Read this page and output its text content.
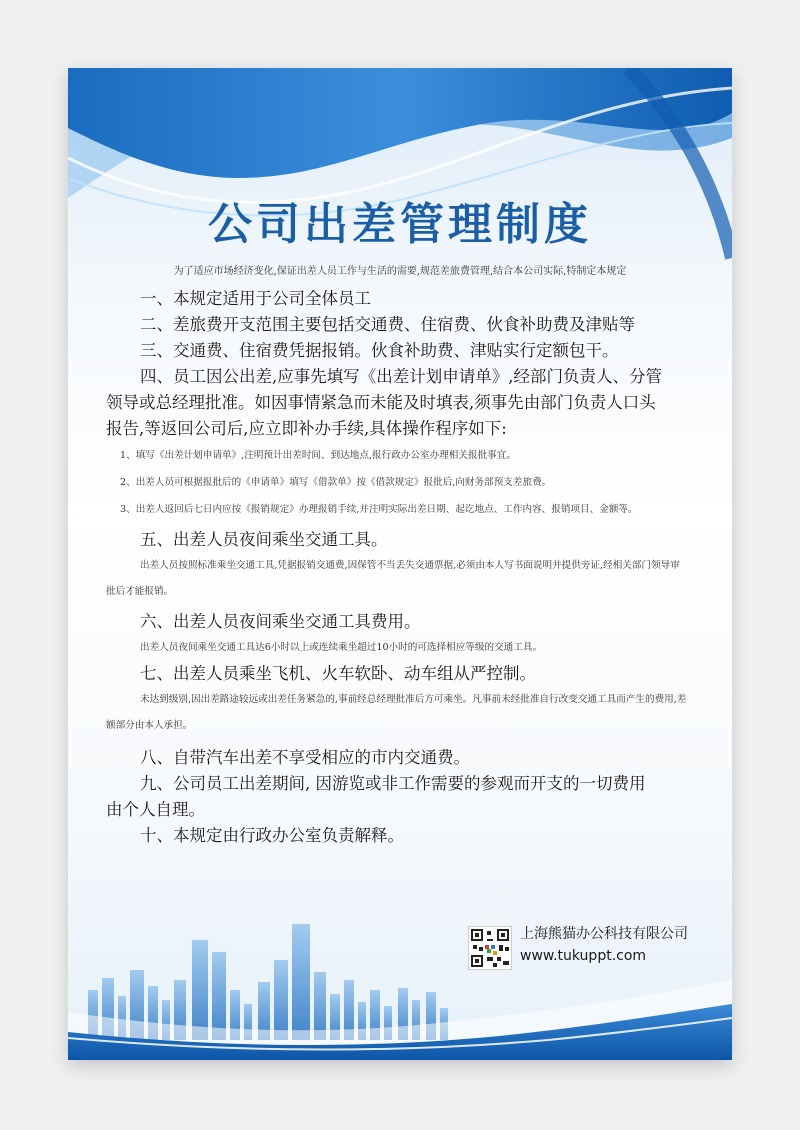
公司出差管理制度
为了适应市场经济变化,保证出差人员工作与生活的需要,规范差旅费管理,结合本公司实际,特制定本规定

一、本规定适用于公司全体员工

二、差旅费开支范围主要包括交通费、住宿费、伙食补助费及津贴等

三、交通费、住宿费凭据报销。伙食补助费、津贴实行定额包干。

四、员工因公出差,应事先填写《出差计划申请单》,经部门负责人、分管

领导或总经理批准。如因事情紧急而未能及时填表,须事先由部门负责人口头

报告,等返回公司后,应立即补办手续,具体操作程序如下:

1、填写《出差计划申请单》,注明预计出差时间、到达地点,报行政办公室办理相关报批事宜。

2、出差人员可根据报批后的《申请单》填写《借款单》按《借款规定》报批后,向财务部预支差旅费。

3、出差人返回后七日内应按《报销规定》办理报销手续,并注明实际出差日期、起讫地点、工作内容、报销项目、金额等。

五、出差人员夜间乘坐交通工具。

出差人员按照标准乘坐交通工具,凭据报销交通费,因保管不当丢失交通票据,必须由本人写书面说明并提供旁证,经相关部门领导审

批后才能报销。

六、出差人员夜间乘坐交通工具费用。

出差人员夜间乘坐交通工具达6小时以上或连续乘坐超过10小时的可选择相应等级的交通工具。

七、出差人员乘坐飞机、火车软卧、动车组从严控制。

未达到级别,因出差路途较远或出差任务紧急的,事前经总经理批准后方可乘坐。凡事前未经批准自行改变交通工具而产生的费用,差

额部分由本人承担。

八、自带汽车出差不享受相应的市内交通费。

九、公司员工出差期间, 因游览或非工作需要的参观而开支的一切费用

由个人自理。

十、本规定由行政办公室负责解释。

上海熊猫办公科技有限公司
www.tukuppt.com
